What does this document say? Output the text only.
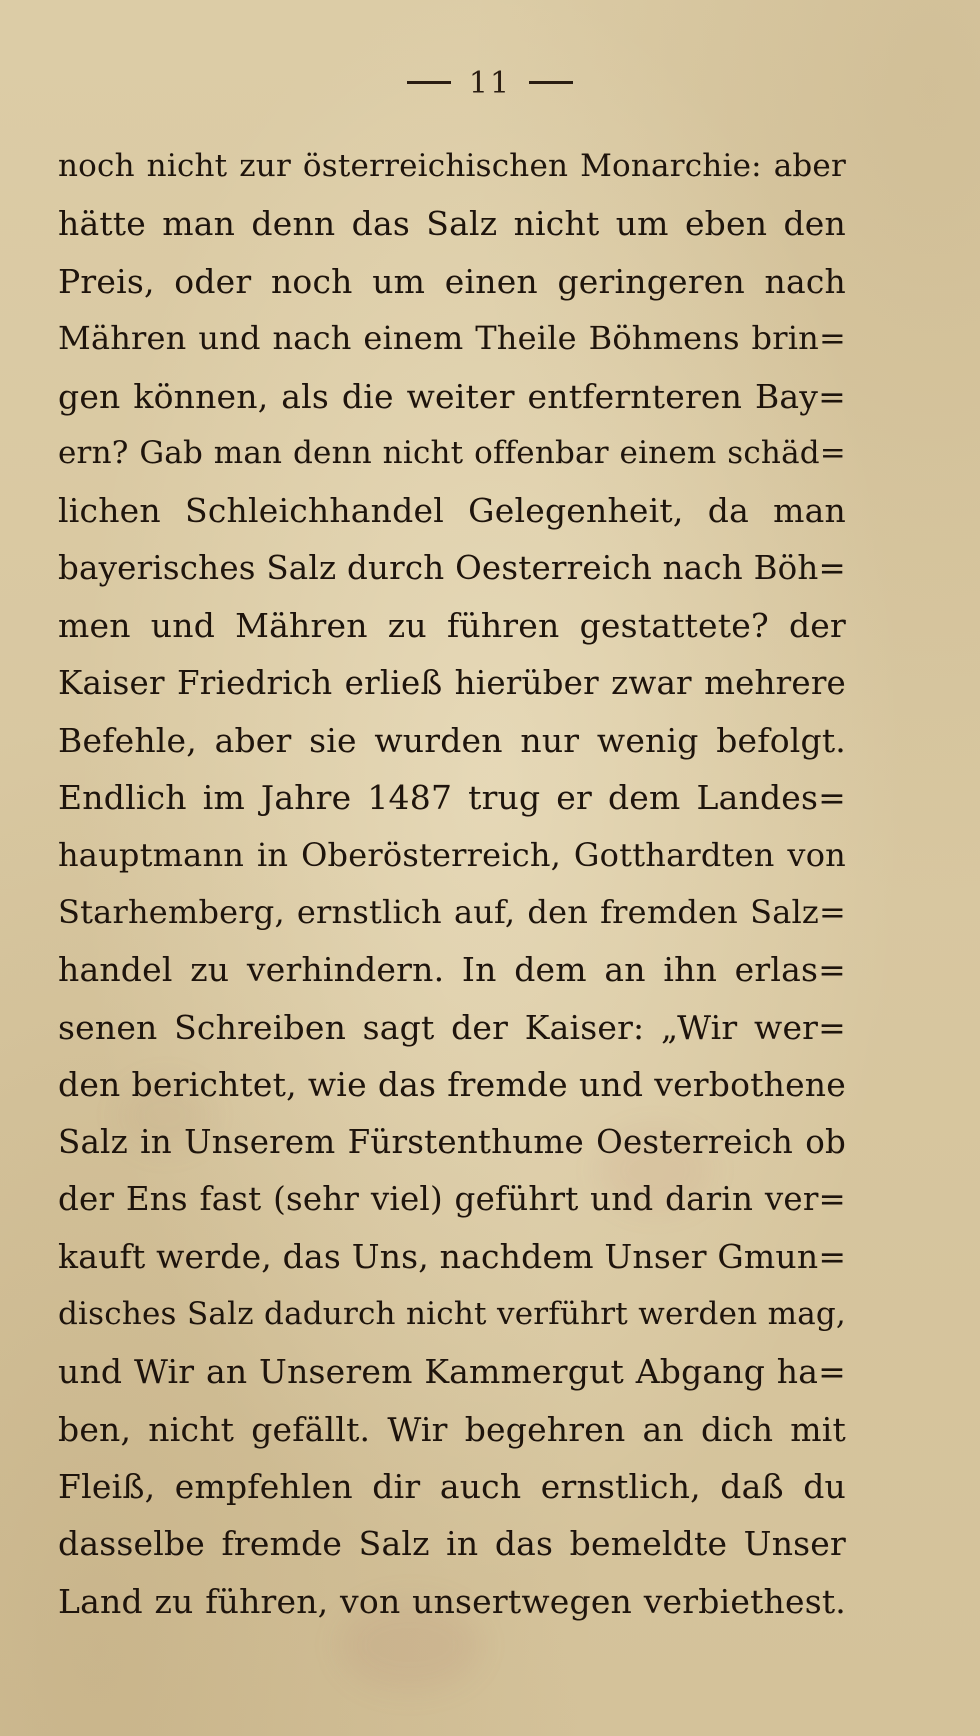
11
noch nicht zur österreichischen Monarchie: aber
hätte man denn das Salz nicht um eben den
Preis, oder noch um einen geringeren nach
Mähren und nach einem Theile Böhmens brin=
gen können, als die weiter entfernteren Bay=
ern? Gab man denn nicht offenbar einem schäd=
lichen Schleichhandel Gelegenheit, da man
bayerisches Salz durch Oesterreich nach Böh=
men und Mähren zu führen gestattete? der
Kaiser Friedrich erließ hierüber zwar mehrere
Befehle, aber sie wurden nur wenig befolgt.
Endlich im Jahre 1487 trug er dem Landes=
hauptmann in Oberösterreich, Gotthardten von
Starhemberg, ernstlich auf, den fremden Salz=
handel zu verhindern. In dem an ihn erlas=
senen Schreiben sagt der Kaiser: „Wir wer=
den berichtet, wie das fremde und verbothene
Salz in Unserem Fürstenthume Oesterreich ob
der Ens fast (sehr viel) geführt und darin ver=
kauft werde, das Uns, nachdem Unser Gmun=
disches Salz dadurch nicht verführt werden mag,
und Wir an Unserem Kammergut Abgang ha=
ben, nicht gefällt. Wir begehren an dich mit
Fleiß, empfehlen dir auch ernstlich, daß du
dasselbe fremde Salz in das bemeldte Unser
Land zu führen, von unsertwegen verbiethest.
